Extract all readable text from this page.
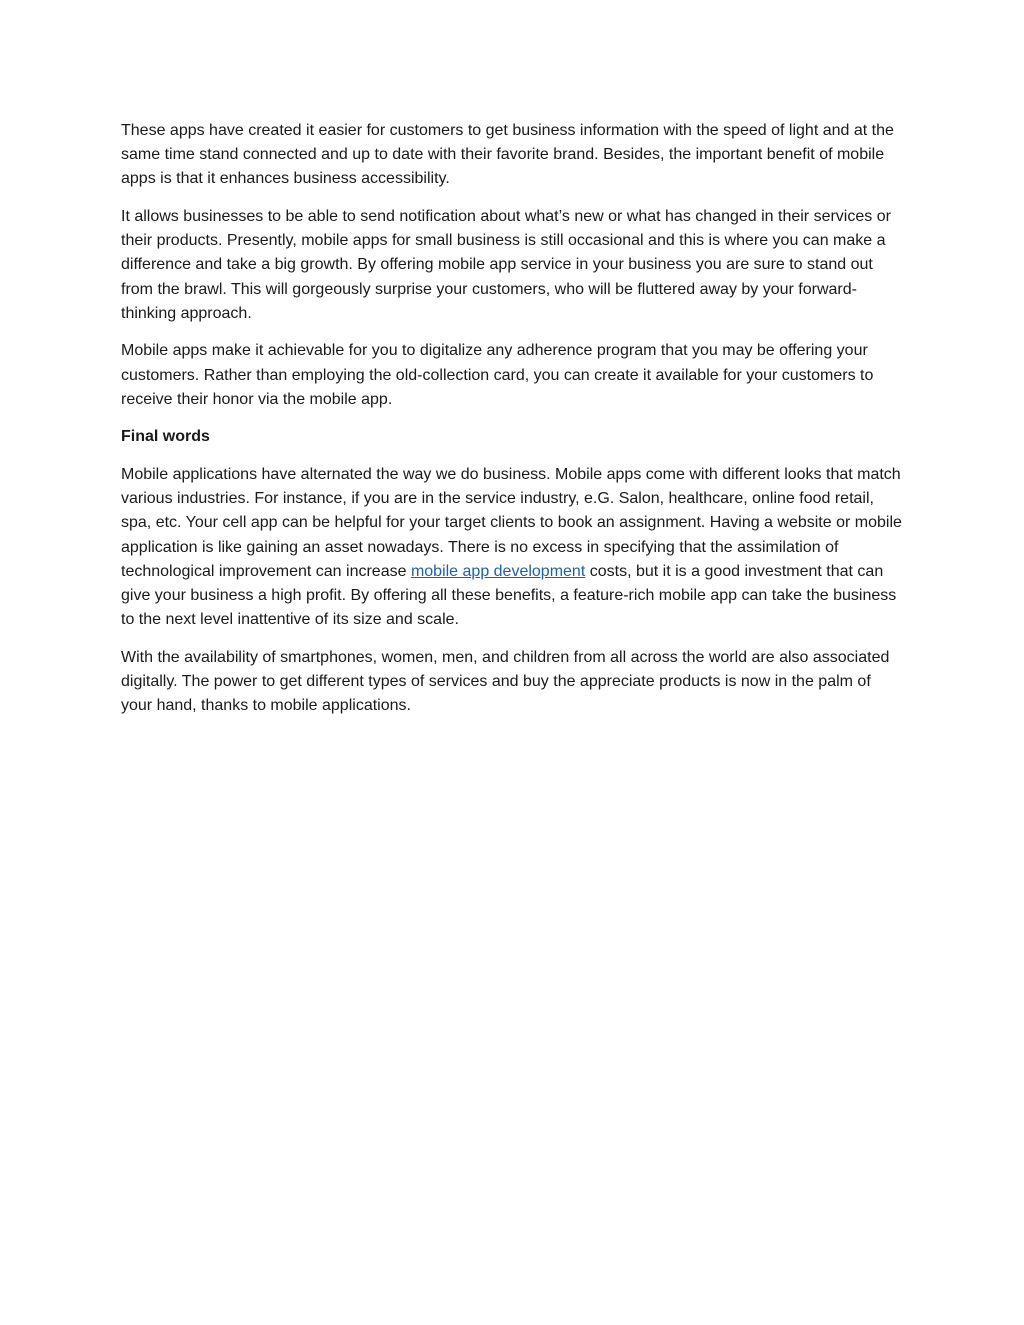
These apps have created it easier for customers to get business information with the speed of light and at the same time stand connected and up to date with their favorite brand. Besides, the important benefit of mobile apps is that it enhances business accessibility.

It allows businesses to be able to send notification about what’s new or what has changed in their services or their products. Presently, mobile apps for small business is still occasional and this is where you can make a difference and take a big growth. By offering mobile app service in your business you are sure to stand out from the brawl. This will gorgeously surprise your customers, who will be fluttered away by your forward-thinking approach.

Mobile apps make it achievable for you to digitalize any adherence program that you may be offering your customers. Rather than employing the old-collection card, you can create it available for your customers to receive their honor via the mobile app.

Final words

Mobile applications have alternated the way we do business. Mobile apps come with different looks that match various industries. For instance, if you are in the service industry, e.G. Salon, healthcare, online food retail, spa, etc. Your cell app can be helpful for your target clients to book an assignment. Having a website or mobile application is like gaining an asset nowadays. There is no excess in specifying that the assimilation of technological improvement can increase mobile app development costs, but it is a good investment that can give your business a high profit. By offering all these benefits, a feature-rich mobile app can take the business to the next level inattentive of its size and scale.

With the availability of smartphones, women, men, and children from all across the world are also associated digitally. The power to get different types of services and buy the appreciate products is now in the palm of your hand, thanks to mobile applications.
